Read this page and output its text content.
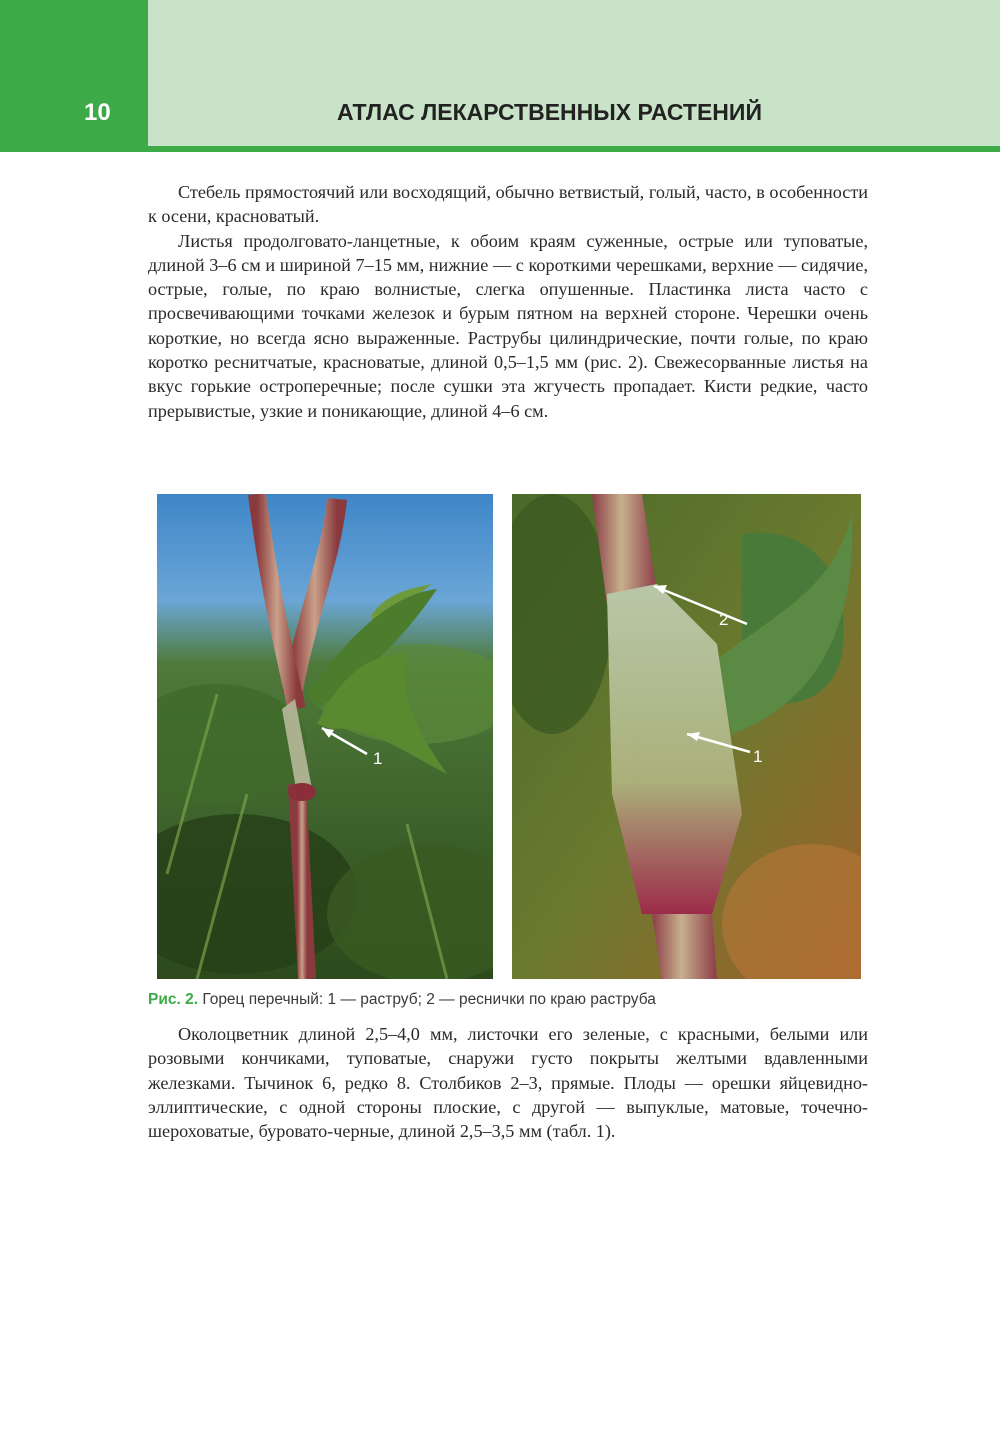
10	АТЛАС ЛЕКАРСТВЕННЫХ РАСТЕНИЙ

Стебель прямостоячий или восходящий, обычно ветвистый, голый, часто, в особенности к осени, красноватый.

Листья продолговато-ланцетные, к обоим краям суженные, острые или туповатые, длиной 3–6 см и шириной 7–15 мм, нижние — с короткими черешками, верхние — сидячие, острые, голые, по краю волнистые, слегка опушенные. Пластинка листа часто с просвечивающими точками железок и бурым пятном на верхней стороне. Черешки очень короткие, но всегда ясно выраженные. Раструбы цилиндрические, почти голые, по краю коротко реснитчатые, красноватые, длиной 0,5–1,5 мм (рис. 2). Свежесорванные листья на вкус горькие остроперечные; после сушки эта жгучесть пропадает. Кисти редкие, часто прерывистые, узкие и поникающие, длиной 4–6 см.

1
2
1
Рис. 2. Горец перечный: 1 — раструб; 2 — реснички по краю раструба

Околоцветник длиной 2,5–4,0 мм, листочки его зеленые, с красными, белыми или розовыми кончиками, туповатые, снаружи густо покрыты желтыми вдавленными железками. Тычинок 6, редко 8. Столбиков 2–3, прямые. Плоды — орешки яйцевидно-эллиптические, с одной стороны плоские, с другой — выпуклые, матовые, точечно-шероховатые, буровато-черные, длиной 2,5–3,5 мм (табл. 1).
